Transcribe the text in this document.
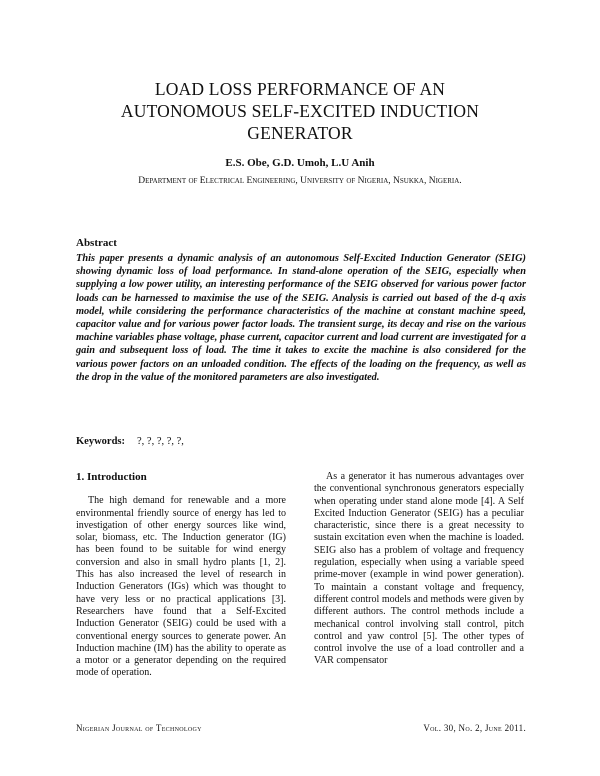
LOAD LOSS PERFORMANCE OF AN
AUTONOMOUS SELF-EXCITED INDUCTION
GENERATOR
E.S. Obe, G.D. Umoh, L.U Anih
Department of Electrical Engineering, University of Nigeria, Nsukka, Nigeria.
Abstract

This paper presents a dynamic analysis of an autonomous Self-Excited Induction Generator (SEIG) showing dynamic loss of load performance. In stand-alone operation of the SEIG, especially when supplying a low power utility, an interesting performance of the SEIG observed for various power factor loads can be harnessed to maximise the use of the SEIG. Analysis is carried out based of the d-q axis model, while considering the performance characteristics of the machine at constant machine speed, capacitor value and for various power factor loads. The transient surge, its decay and rise on the various machine variables phase voltage, phase current, capacitor current and load current are investigated for a gain and subsequent loss of load. The time it takes to excite the machine is also considered for the various power factors on an unloaded condition. The effects of the loading on the frequency, as well as the drop in the value of the monitored parameters are also investigated.

Keywords: ?, ?, ?, ?, ?,
1. Introduction

The high demand for renewable and a more environmental friendly source of energy has led to investigation of other energy sources like wind, solar, biomass, etc. The Induction generator (IG) has been found to be suitable for wind energy conversion and also in small hydro plants [1, 2]. This has also increased the level of research in Induction Generators (IGs) which was thought to have very less or no practical applications [3]. Researchers have found that a Self-Excited Induction Generator (SEIG) could be used with a conventional energy sources to generate power. An Induction machine (IM) has the ability to operate as a motor or a generator depending on the required mode of operation.

As a generator it has numerous advantages over the conventional synchronous generators especially when operating under stand alone mode [4]. A Self Excited Induction Generator (SEIG) has a peculiar characteristic, since there is a great necessity to sustain excitation even when the machine is loaded. SEIG also has a problem of voltage and frequency regulation, especially when using a variable speed prime-mover (example in wind power generation). To maintain a constant voltage and frequency, different control models and methods were given by different authors. The control methods include a mechanical control involving stall control, pitch control and yaw control [5]. The other types of control involve the use of a load controller and a VAR compensator

Nigerian Journal of Technology	Vol. 30, No. 2, June 2011.
